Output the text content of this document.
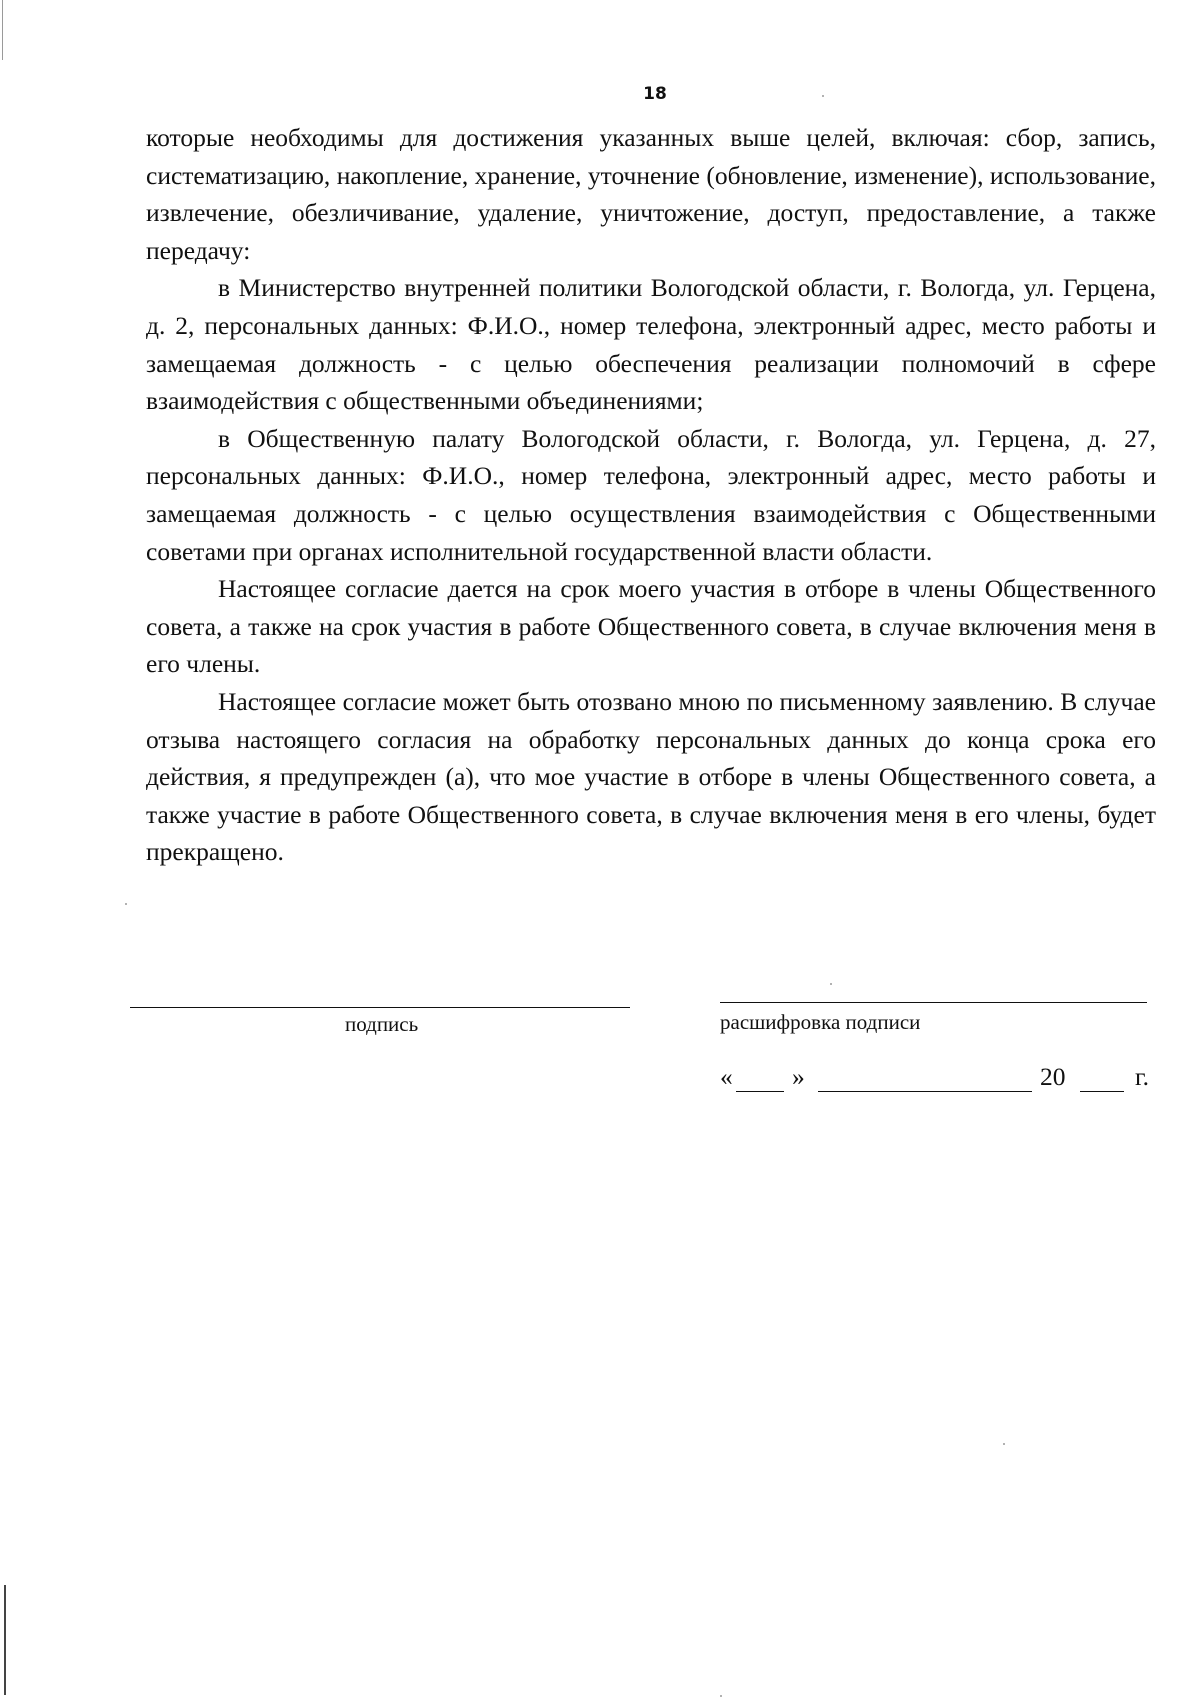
18

которые необходимы для достижения указанных выше целей, включая: сбор, запись, систематизацию, накопление, хранение, уточнение (обновление, изменение), использование, извлечение, обезличивание, удаление, уничтожение, доступ, предоставление, а также передачу:

в Министерство внутренней политики Вологодской области, г. Вологда, ул. Герцена, д. 2, персональных данных: Ф.И.О., номер телефона, электронный адрес, место работы и замещаемая должность - с целью обеспечения реализации полномочий в сфере взаимодействия с общественными объединениями;

в Общественную палату Вологодской области, г. Вологда, ул. Герцена, д. 27, персональных данных: Ф.И.О., номер телефона, электронный адрес, место работы и замещаемая должность - с целью осуществления взаимодействия с Общественными советами при органах исполнительной государственной власти области.

Настоящее согласие дается на срок моего участия в отборе в члены Общественного совета, а также на срок участия в работе Общественного совета, в случае включения меня в его члены.

Настоящее согласие может быть отозвано мною по письменному заявлению. В случае отзыва настоящего согласия на обработку персональных данных до конца срока его действия, я предупрежден (а), что мое участие в отборе в члены Общественного совета, а также участие в работе Общественного совета, в случае включения меня в его члены, будет прекращено.

подпись	расшифровка подписи
« »	20	г.
